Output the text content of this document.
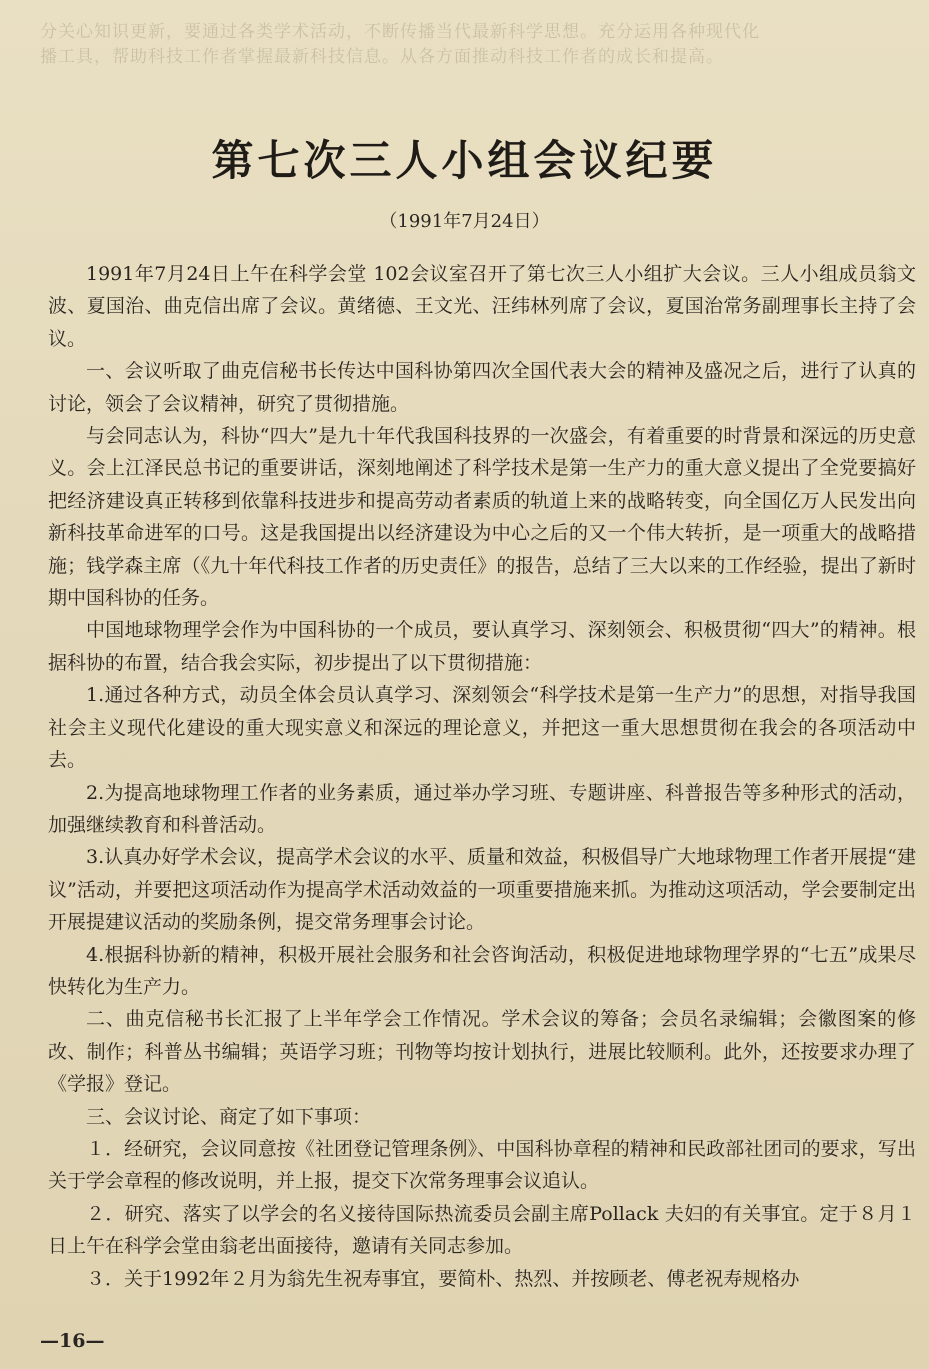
分关心知识更新，要通过各类学术活动，不断传播当代最新科学思想。充分运用各种现代化
播工具，帮助科技工作者掌握最新科技信息。从各方面推动科技工作者的成长和提高。
第七次三人小组会议纪要
（1991年7月24日）

1991年7月24日上午在科学会堂 102会议室召开了第七次三人小组扩大会议。三人小组成员翁文波、夏国治、曲克信出席了会议。黄绪德、王文光、汪纬林列席了会议，夏国治常务副理事长主持了会议。

一、会议听取了曲克信秘书长传达中国科协第四次全国代表大会的精神及盛况之后，进行了认真的讨论，领会了会议精神，研究了贯彻措施。

与会同志认为，科协“四大”是九十年代我国科技界的一次盛会，有着重要的时背景和深远的历史意义。会上江泽民总书记的重要讲话，深刻地阐述了科学技术是第一生产力的重大意义提出了全党要搞好把经济建设真正转移到依靠科技进步和提高劳动者素质的轨道上来的战略转变，向全国亿万人民发出向新科技革命进军的口号。这是我国提出以经济建设为中心之后的又一个伟大转折，是一项重大的战略措施；钱学森主席（《九十年代科技工作者的历史责任》的报告，总结了三大以来的工作经验，提出了新时期中国科协的任务。

中国地球物理学会作为中国科协的一个成员，要认真学习、深刻领会、积极贯彻“四大”的精神。根据科协的布置，结合我会实际，初步提出了以下贯彻措施：

1.通过各种方式，动员全体会员认真学习、深刻领会“科学技术是第一生产力”的思想，对指导我国社会主义现代化建设的重大现实意义和深远的理论意义，并把这一重大思想贯彻在我会的各项活动中去。

2.为提高地球物理工作者的业务素质，通过举办学习班、专题讲座、科普报告等多种形式的活动，加强继续教育和科普活动。

3.认真办好学术会议，提高学术会议的水平、质量和效益，积极倡导广大地球物理工作者开展提“建议”活动，并要把这项活动作为提高学术活动效益的一项重要措施来抓。为推动这项活动，学会要制定出开展提建议活动的奖励条例，提交常务理事会讨论。

4.根据科协新的精神，积极开展社会服务和社会咨询活动，积极促进地球物理学界的“七五”成果尽快转化为生产力。

二、曲克信秘书长汇报了上半年学会工作情况。学术会议的筹备；会员名录编辑；会徽图案的修改、制作；科普丛书编辑；英语学习班；刊物等均按计划执行，进展比较顺利。此外，还按要求办理了《学报》登记。

三、会议讨论、商定了如下事项：

１．经研究，会议同意按《社团登记管理条例》、中国科协章程的精神和民政部社团司的要求，写出关于学会章程的修改说明，并上报，提交下次常务理事会议追认。

２．研究、落实了以学会的名义接待国际热流委员会副主席Pollack 夫妇的有关事宜。定于８月１日上午在科学会堂由翁老出面接待，邀请有关同志参加。

３．关于1992年２月为翁先生祝寿事宜，要简朴、热烈、并按顾老、傅老祝寿规格办

—16—
